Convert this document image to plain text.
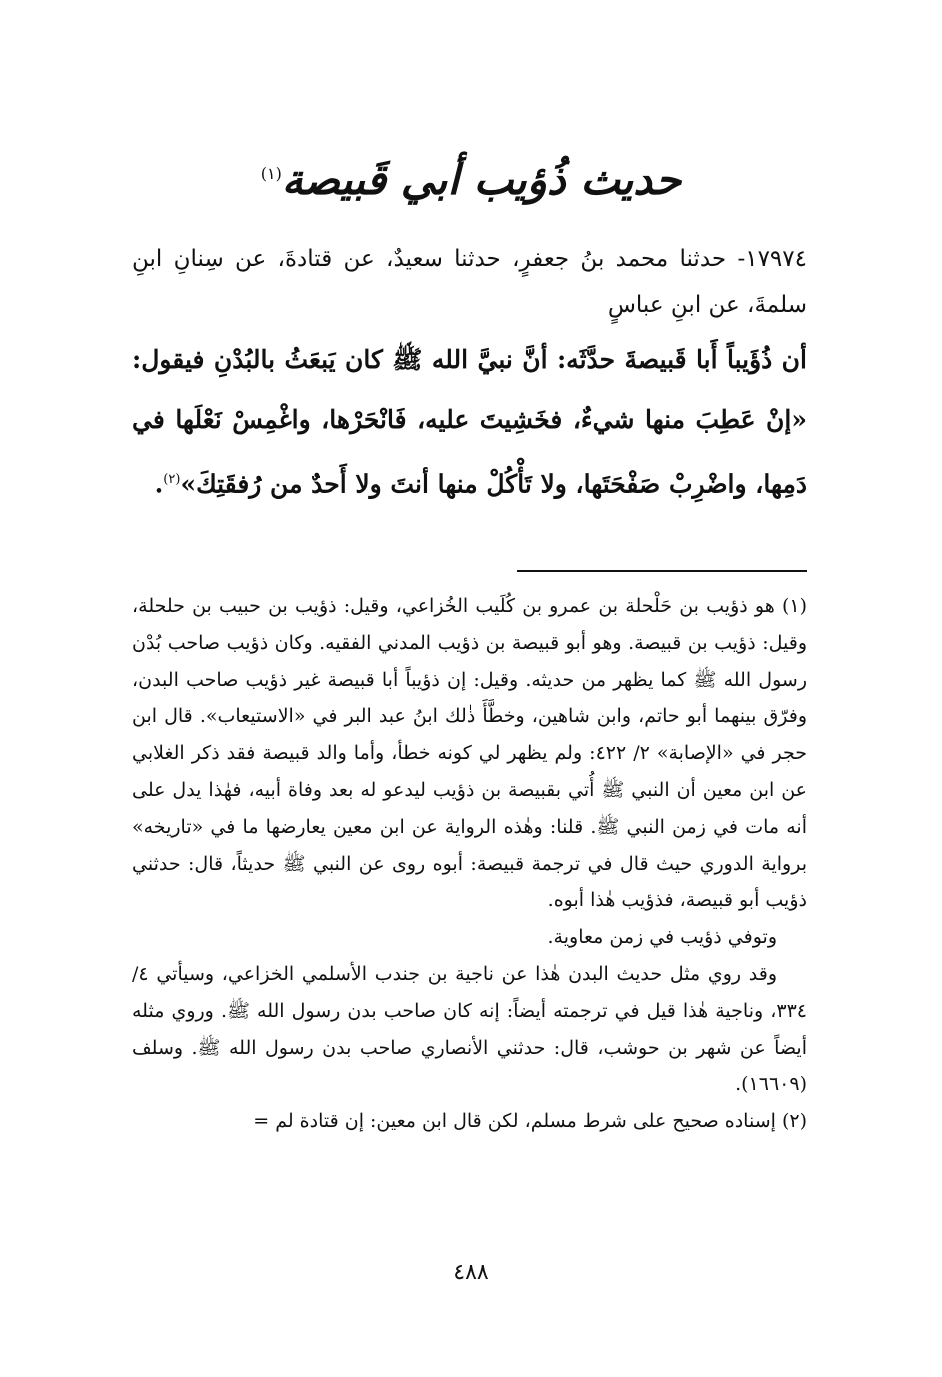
حديث ذُؤيب أبي قَبيصة$^{(١)}$

١٧٩٧٤- حدثنا محمد بنُ جعفرٍ، حدثنا سعيدٌ، عن قتادةَ، عن سِنانِ ابنِ سلمةَ، عن ابنِ عباسٍ

أن ذُؤَيباً أَبا قَبيصةَ حدَّثَه: أنَّ نبيَّ الله ﷺ كان يَبعَثُ بالبُدْنِ فيقول: «إنْ عَطِبَ منها شيءٌ، فخَشِيتَ عليه، فَانْحَرْها، واغْمِسْ نَعْلَها في دَمِها، واضْرِبْ صَفْحَتَها، ولا تَأْكُلْ منها أنتَ ولا أَحدٌ من رُفقَتِكَ»$^{(٢)}$.

(١) هو ذؤيب بن حَلْحلة بن عمرو بن كُلَيب الخُزاعي، وقيل: ذؤيب بن حبيب بن حلحلة، وقيل: ذؤيب بن قبيصة. وهو أبو قبيصة بن ذؤيب المدني الفقيه. وكان ذؤيب صاحب بُدْن رسول الله ﷺ كما يظهر من حديثه. وقيل: إن ذؤيباً أبا قبيصة غير ذؤيب صاحب البدن، وفرّق بينهما أبو حاتم، وابن شاهين، وخطَّأَ ذٰلك ابنُ عبد البر في «الاستيعاب». قال ابن حجر في «الإصابة» ٢/ ٤٢٢: ولم يظهر لي كونه خطأ، وأما والد قبيصة فقد ذكر الغلابي عن ابن معين أن النبي ﷺ أُتي بقبيصة بن ذؤيب ليدعو له بعد وفاة أبيه، فهٰذا يدل على أنه مات في زمن النبي ﷺ. قلنا: وهٰذه الرواية عن ابن معين يعارضها ما في «تاريخه» برواية الدوري حيث قال في ترجمة قبيصة: أبوه روى عن النبي ﷺ حديثاً، قال: حدثني ذؤيب أبو قبيصة، فذؤيب هٰذا أبوه.

وتوفي ذؤيب في زمن معاوية.

وقد روي مثل حديث البدن هٰذا عن ناجية بن جندب الأسلمي الخزاعي، وسيأتي ٤/ ٣٣٤، وناجية هٰذا قيل في ترجمته أيضاً: إنه كان صاحب بدن رسول الله ﷺ. وروي مثله أيضاً عن شهر بن حوشب، قال: حدثني الأنصاري صاحب بدن رسول الله ﷺ. وسلف (١٦٦٠٩).

(٢) إسناده صحيح على شرط مسلم، لكن قال ابن معين: إن قتادة لم =

٤٨٨
